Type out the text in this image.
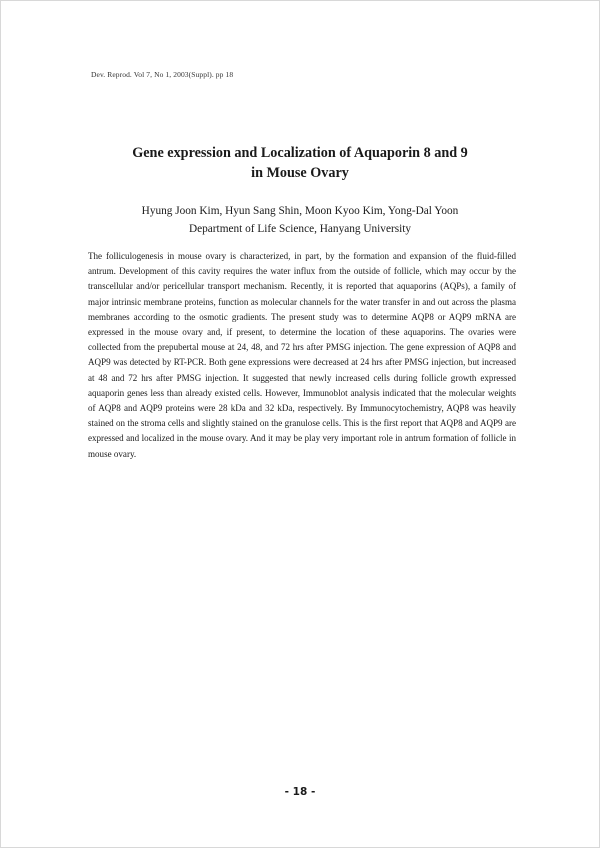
Dev. Reprod. Vol 7, No 1, 2003(Suppl). pp 18
Gene expression and Localization of Aquaporin 8 and 9
in Mouse Ovary
Hyung Joon Kim, Hyun Sang Shin, Moon Kyoo Kim, Yong-Dal Yoon
Department of Life Science, Hanyang University

The folliculogenesis in mouse ovary is characterized, in part, by the formation and expansion of the fluid-filled antrum. Development of this cavity requires the water influx from the outside of follicle, which may occur by the transcellular and/or pericellular transport mechanism. Recently, it is reported that aquaporins (AQPs), a family of major intrinsic membrane proteins, function as molecular channels for the water transfer in and out across the plasma membranes according to the osmotic gradients. The present study was to determine AQP8 or AQP9 mRNA are expressed in the mouse ovary and, if present, to determine the location of these aquaporins. The ovaries were collected from the prepubertal mouse at 24, 48, and 72 hrs after PMSG injection. The gene expression of AQP8 and AQP9 was detected by RT-PCR. Both gene expressions were decreased at 24 hrs after PMSG injection, but increased at 48 and 72 hrs after PMSG injection. It suggested that newly increased cells during follicle growth expressed aquaporin genes less than already existed cells. However, Immunoblot analysis indicated that the molecular weights of AQP8 and AQP9 proteins were 28 kDa and 32 kDa, respectively. By Immunocytochemistry, AQP8 was heavily stained on the stroma cells and slightly stained on the granulose cells. This is the first report that AQP8 and AQP9 are expressed and localized in the mouse ovary. And it may be play very important role in antrum formation of follicle in mouse ovary.

- 18 -
